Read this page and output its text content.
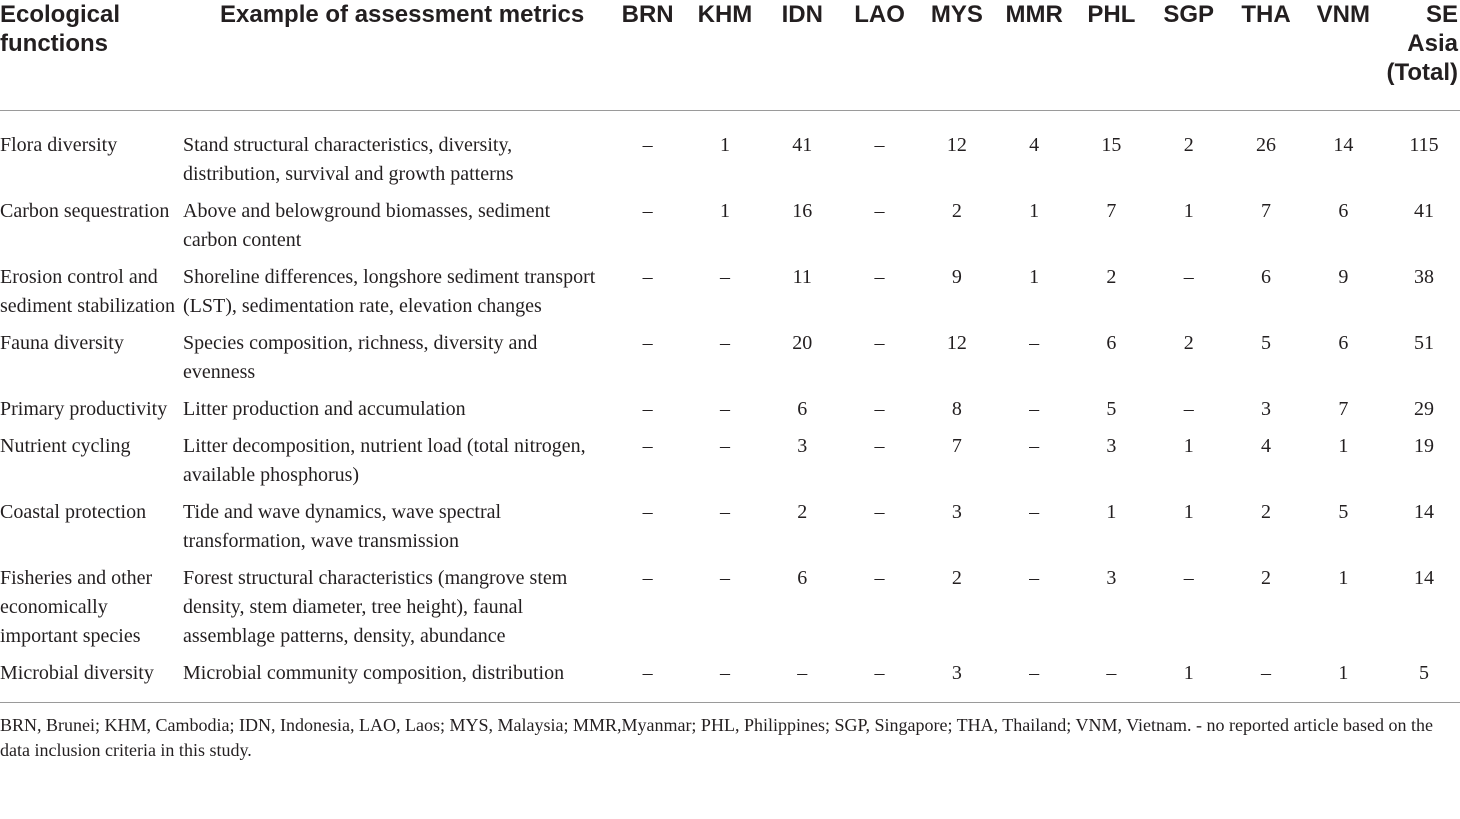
Ecological functions	Example of assessment metrics	BRN	KHM	IDN	LAO	MYS	MMR	PHL	SGP	THA	VNM	SE Asia (Total)
Flora diversity	Stand structural characteristics, diversity, distribution, survival and growth patterns	–	1	41	–	12	4	15	2	26	14	115
Carbon sequestration	Above and belowground biomasses, sediment carbon content	–	1	16	–	2	1	7	1	7	6	41
Erosion control and sediment stabilization	Shoreline differences, longshore sediment transport (LST), sedimentation rate, elevation changes	–	–	11	–	9	1	2	–	6	9	38
Fauna diversity	Species composition, richness, diversity and evenness	–	–	20	–	12	–	6	2	5	6	51
Primary productivity	Litter production and accumulation	–	–	6	–	8	–	5	–	3	7	29
Nutrient cycling	Litter decomposition, nutrient load (total nitrogen, available phosphorus)	–	–	3	–	7	–	3	1	4	1	19
Coastal protection	Tide and wave dynamics, wave spectral transformation, wave transmission	–	–	2	–	3	–	1	1	2	5	14
Fisheries and other economically important species	Forest structural characteristics (mangrove stem density, stem diameter, tree height), faunal assemblage patterns, density, abundance	–	–	6	–	2	–	3	–	2	1	14
Microbial diversity	Microbial community composition, distribution	–	–	–	–	3	–	–	1	–	1	5
BRN, Brunei; KHM, Cambodia; IDN, Indonesia, LAO, Laos; MYS, Malaysia; MMR,Myanmar; PHL, Philippines; SGP, Singapore; THA, Thailand; VNM, Vietnam. - no reported article based on the data inclusion criteria in this study.
